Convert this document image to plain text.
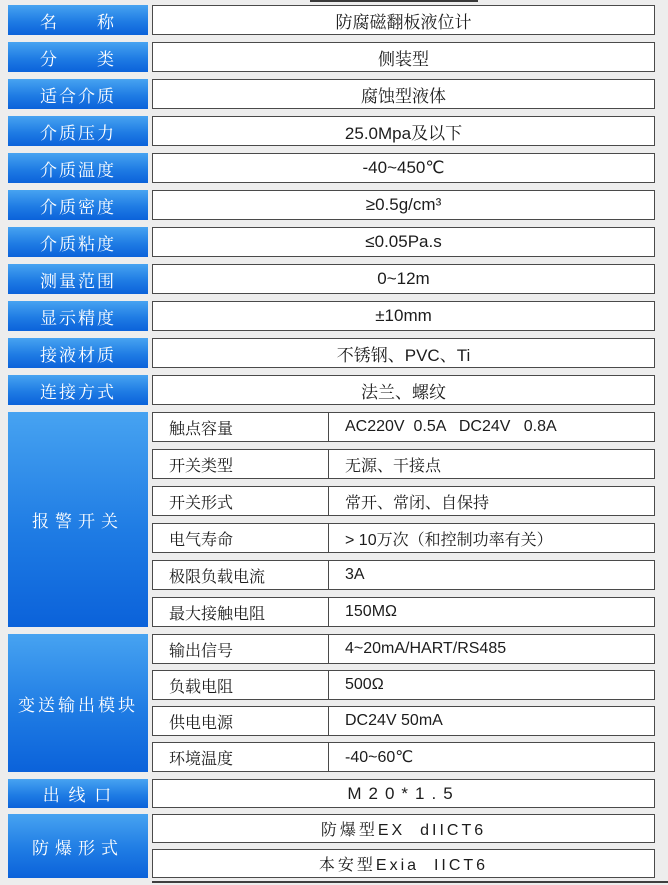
名　　称	防腐磁翻板液位计
分　　类	侧装型
适合介质	腐蚀型液体
介质压力	25.0Mpa及以下
介质温度	-40~450℃
介质密度	≥0.5g/cm³
介质粘度	≤0.05Pa.s
测量范围	0~12m
显示精度	±10mm
接液材质	不锈钢、PVC、Ti
连接方式	法兰、螺纹
报警开关
触点容量	AC220V  0.5A   DC24V   0.8A
开关类型	无源、干接点
开关形式	常开、常闭、自保持
电气寿命	> 10万次（和控制功率有关）
极限负载电流	3A
最大接触电阻	150MΩ
变送输出模块
输出信号	4~20mA/HART/RS485
负载电阻	500Ω
供电电源	DC24V 50mA
环境温度	-40~60℃
出 线 口	M20*1.5
防爆形式
防爆型EX  dIICT6
本安型Exia  IICT6
